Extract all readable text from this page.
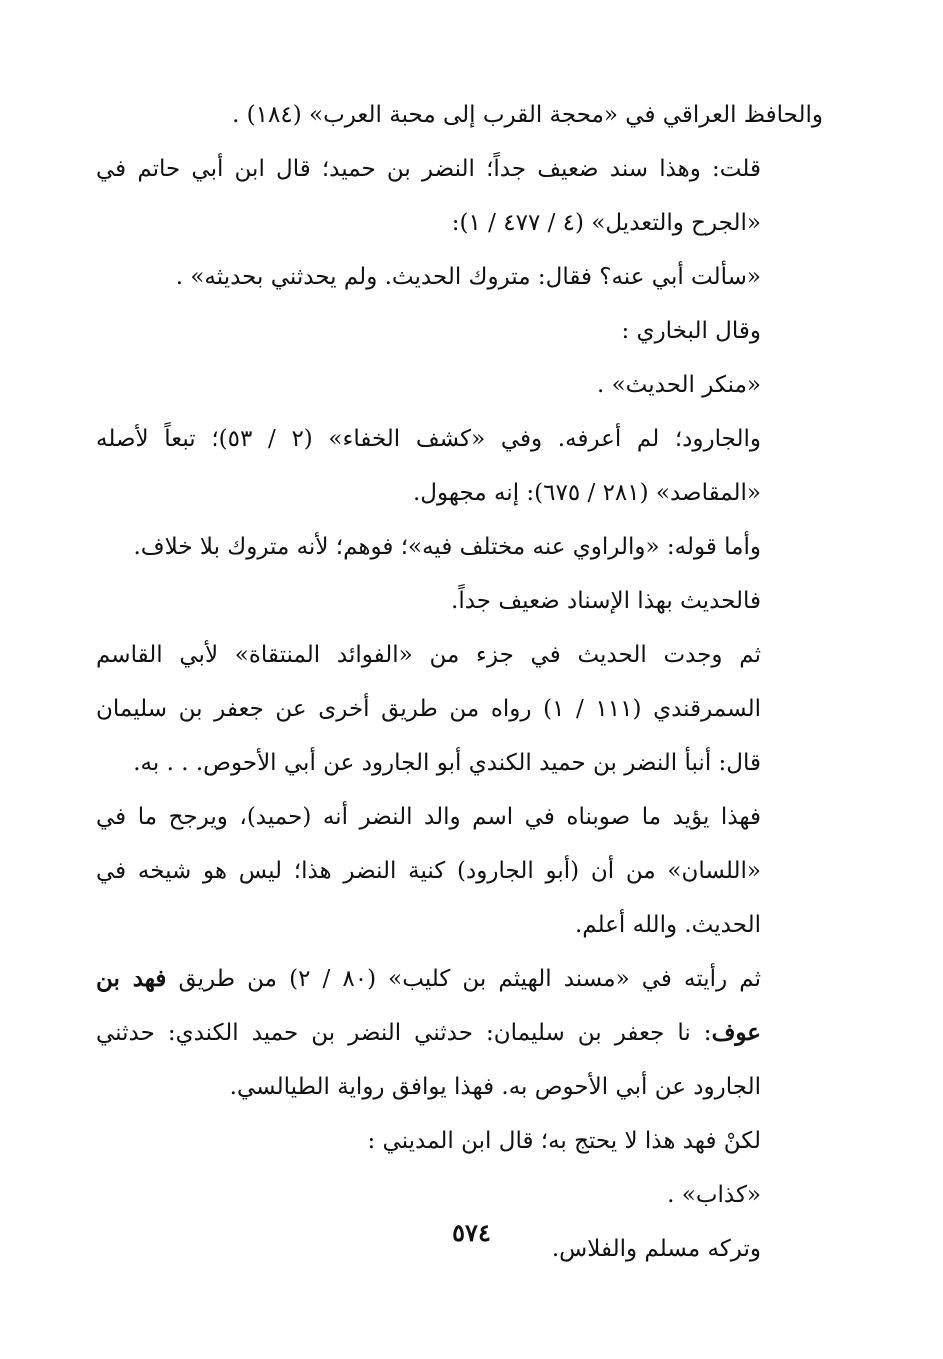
والحافظ العراقي في «محجة القرب إلى محبة العرب» (١٨٤) .

قلت: وهذا سند ضعيف جداً؛ النضر بن حميد؛ قال ابن أبي حاتم في «الجرح والتعديل» (٤ / ٤٧٧ / ١):

«سألت أبي عنه؟ فقال: متروك الحديث. ولم يحدثني بحديثه» .

وقال البخاري :

«منكر الحديث» .

والجارود؛ لم أعرفه. وفي «كشف الخفاء» (٢ / ٥٣)؛ تبعاً لأصله «المقاصد» (٢٨١ / ٦٧٥): إنه مجهول.

وأما قوله: «والراوي عنه مختلف فيه»؛ فوهم؛ لأنه متروك بلا خلاف.

فالحديث بهذا الإسناد ضعيف جداً.

ثم وجدت الحديث في جزء من «الفوائد المنتقاة» لأبي القاسم السمرقندي (١١١ / ١) رواه من طريق أخرى عن جعفر بن سليمان قال: أنبأ النضر بن حميد الكندي أبو الجارود عن أبي الأحوص. . . به.

فهذا يؤيد ما صوبناه في اسم والد النضر أنه (حميد)، ويرجح ما في «اللسان» من أن (أبو الجارود) كنية النضر هذا؛ ليس هو شيخه في الحديث. والله أعلم.

ثم رأيته في «مسند الهيثم بن كليب» (٨٠ / ٢) من طريق فهد بن عوف: نا جعفر بن سليمان: حدثني النضر بن حميد الكندي: حدثني الجارود عن أبي الأحوص به. فهذا يوافق رواية الطيالسي.

لكنْ فهد هذا لا يحتج به؛ قال ابن المديني :

«كذاب» .

وتركه مسلم والفلاس.

٥٧٤
